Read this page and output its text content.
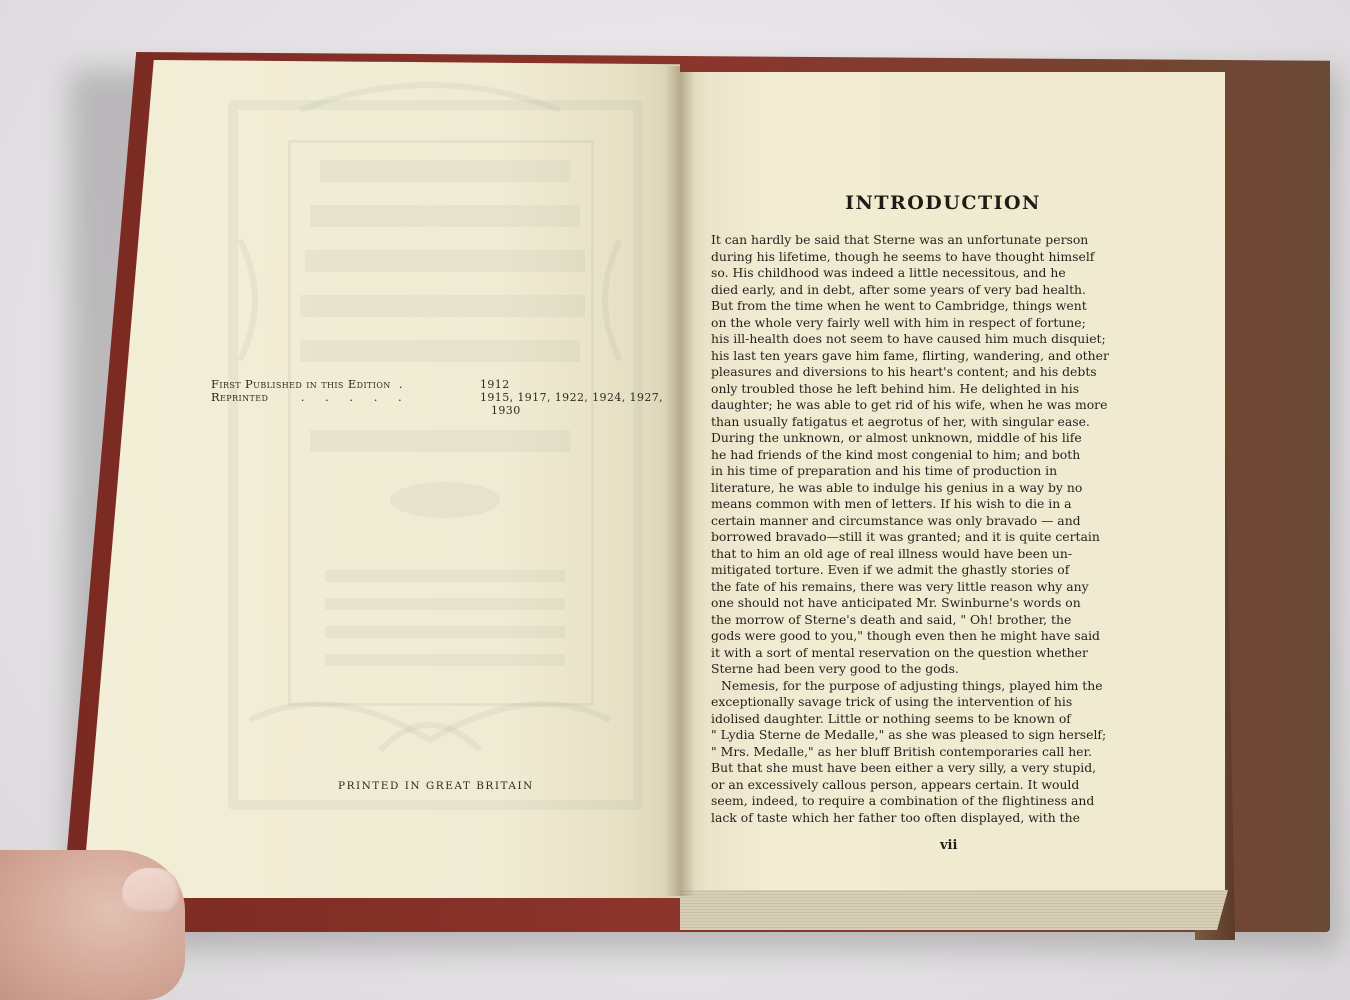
First Published in this Edition  .	1912
Reprinted        .     .     .     .     .	1915, 1917, 1922, 1924, 1927,
1930
PRINTED IN GREAT BRITAIN
INTRODUCTION
It can hardly be said that Sterne was an unfortunate person
during his lifetime, though he seems to have thought himself
so. His childhood was indeed a little necessitous, and he
died early, and in debt, after some years of very bad health.
But from the time when he went to Cambridge, things went
on the whole very fairly well with him in respect of fortune;
his ill-health does not seem to have caused him much disquiet;
his last ten years gave him fame, flirting, wandering, and other
pleasures and diversions to his heart's content; and his debts
only troubled those he left behind him. He delighted in his
daughter; he was able to get rid of his wife, when he was more
than usually fatigatus et aegrotus of her, with singular ease.
During the unknown, or almost unknown, middle of his life
he had friends of the kind most congenial to him; and both
in his time of preparation and his time of production in
literature, he was able to indulge his genius in a way by no
means common with men of letters. If his wish to die in a
certain manner and circumstance was only bravado — and
borrowed bravado—still it was granted; and it is quite certain
that to him an old age of real illness would have been un-
mitigated torture. Even if we admit the ghastly stories of
the fate of his remains, there was very little reason why any
one should not have anticipated Mr. Swinburne's words on
the morrow of Sterne's death and said, " Oh! brother, the
gods were good to you," though even then he might have said
it with a sort of mental reservation on the question whether
Sterne had been very good to the gods.
Nemesis, for the purpose of adjusting things, played him the
exceptionally savage trick of using the intervention of his
idolised daughter. Little or nothing seems to be known of
" Lydia Sterne de Medalle," as she was pleased to sign herself;
" Mrs. Medalle," as her bluff British contemporaries call her.
But that she must have been either a very silly, a very stupid,
or an excessively callous person, appears certain. It would
seem, indeed, to require a combination of the flightiness and
lack of taste which her father too often displayed, with the
vii
